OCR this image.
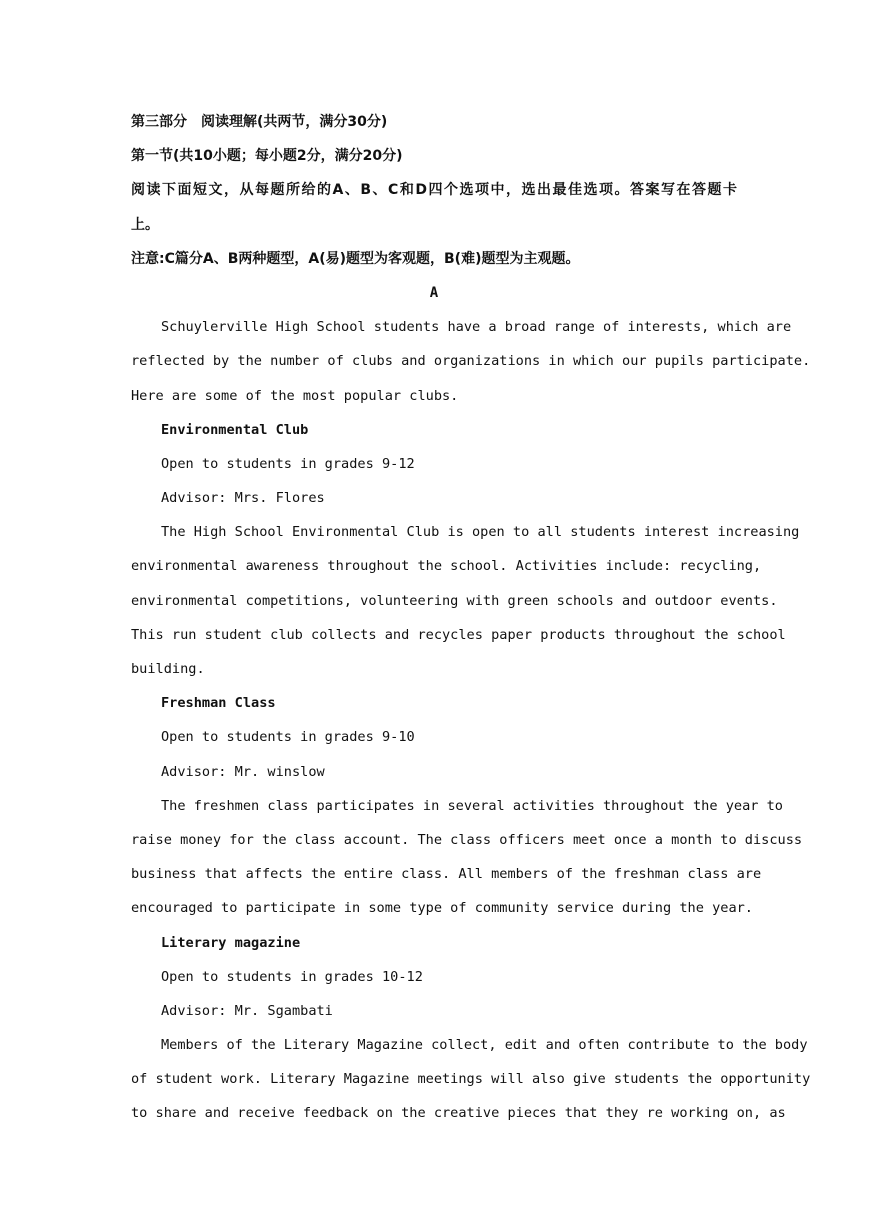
第三部分　阅读理解(共两节，满分30分)
第一节(共10小题；每小题2分，满分20分)
阅读下面短文，从每题所给的A、B、C和D四个选项中，选出最佳选项。答案写在答题卡
上。
注意:C篇分A、B两种题型，A(易)题型为客观题，B(难)题型为主观题。
A
Schuylerville High School students have a broad range of interests, which are
reflected by the number of clubs and organizations in which our pupils participate.
Here are some of the most popular clubs.
Environmental Club
Open to students in grades 9-12
Advisor: Mrs. Flores
The High School Environmental Club is open to all students interest increasing
environmental awareness throughout the school. Activities include: recycling,
environmental competitions, volunteering with green schools and outdoor events.
This run student club collects and recycles paper products throughout the school
building.
Freshman Class
Open to students in grades 9-10
Advisor: Mr. winslow
The freshmen class participates in several activities throughout the year to
raise money for the class account. The class officers meet once a month to discuss
business that affects the entire class. All members of the freshman class are
encouraged to participate in some type of community service during the year.
Literary magazine
Open to students in grades 10-12
Advisor: Mr. Sgambati
Members of the Literary Magazine collect, edit and often contribute to the body
of student work. Literary Magazine meetings will also give students the opportunity
to share and receive feedback on the creative pieces that they re working on, as
